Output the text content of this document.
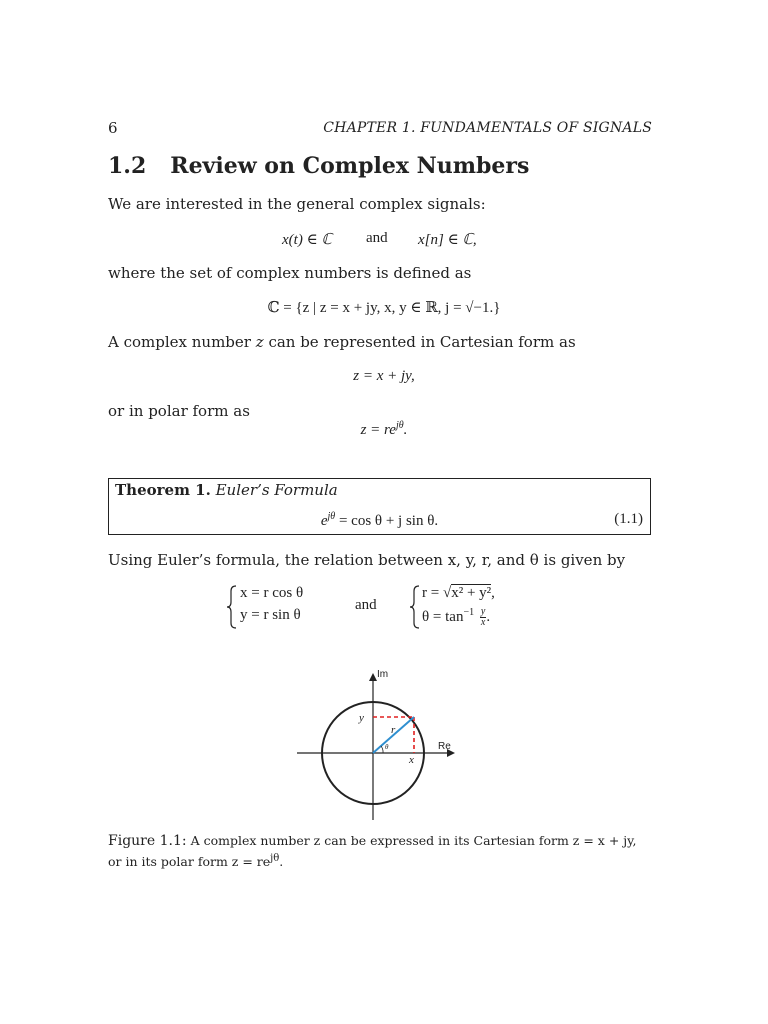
6	CHAPTER 1. FUNDAMENTALS OF SIGNALS
1.2 Review on Complex Numbers
We are interested in the general complex signals:
x(t) ∈ ℂ and x[n] ∈ ℂ,
where the set of complex numbers is defined as
ℂ = {z | z = x + jy, x, y ∈ ℝ, j = √−1.}
A complex number z can be represented in Cartesian form as
z = x + jy,
or in polar form as
$z = re^{j\theta}$.
Theorem 1. Euler’s Formula
$e^{j\theta} = \cos \theta + j$ sin θ.	(1.1)
Using Euler’s formula, the relation between x, y, r, and θ is given by
x = r cos θ
y = r sin θ
and
r = √x² + y²,
$\theta = \tan^{-1} \frac{y}{x}$ .
Im
Re
y
x
r
θ
Figure 1.1: A complex number z can be expressed in its Cartesian form z = x + jy, or in its polar form $z = re^{j\theta}$.
